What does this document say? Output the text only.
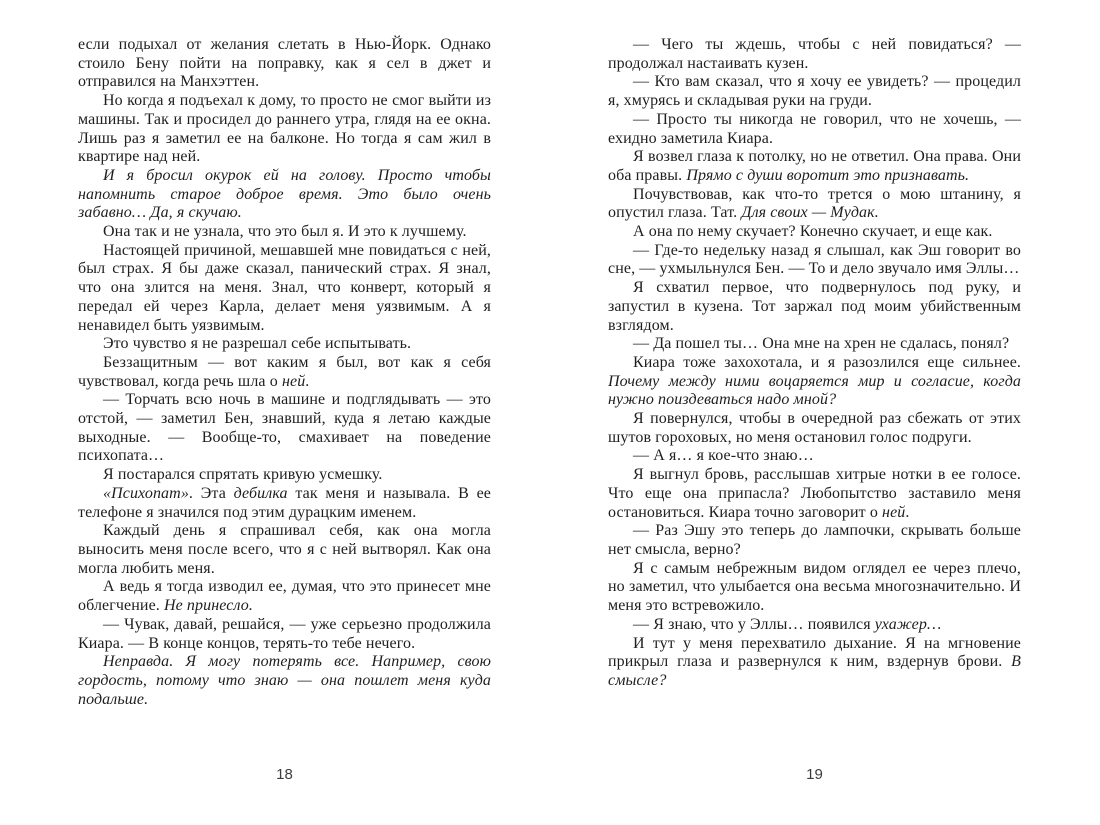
если подыхал от желания слетать в Нью-Йорк. Однако стоило Бену пойти на поправку, как я сел в джет и отправился на Манхэттен.

Но когда я подъехал к дому, то просто не смог выйти из машины. Так и просидел до раннего утра, глядя на ее окна. Лишь раз я заметил ее на балконе. Но тогда я сам жил в квартире над ней.

И я бросил окурок ей на голову. Просто чтобы напомнить старое доброе время. Это было очень забавно… Да, я скучаю.

Она так и не узнала, что это был я. И это к лучшему.

Настоящей причиной, мешавшей мне повидаться с ней, был страх. Я бы даже сказал, панический страх. Я знал, что она злится на меня. Знал, что конверт, который я передал ей через Карла, делает меня уязвимым. А я ненавидел быть уязвимым.

Это чувство я не разрешал себе испытывать.

Беззащитным — вот каким я был, вот как я себя чувствовал, когда речь шла о ней.

— Торчать всю ночь в машине и подглядывать — это отстой, — заметил Бен, знавший, куда я летаю каждые выходные. — Вообще-то, смахивает на поведение психопата…

Я постарался спрятать кривую усмешку.

«Психопат». Эта дебилка так меня и называла. В ее телефоне я значился под этим дурацким именем.

Каждый день я спрашивал себя, как она могла выносить меня после всего, что я с ней вытворял. Как она могла любить меня.

А ведь я тогда изводил ее, думая, что это принесет мне облегчение. Не принесло.

— Чувак, давай, решайся, — уже серьезно продолжила Киара. — В конце концов, терять-то тебе нечего.

Неправда. Я могу потерять все. Например, свою гордость, потому что знаю — она пошлет меня куда подальше.

18

— Чего ты ждешь, чтобы с ней повидаться? — продолжал настаивать кузен.

— Кто вам сказал, что я хочу ее увидеть? — процедил я, хмурясь и складывая руки на груди.

— Просто ты никогда не говорил, что не хочешь, — ехидно заметила Киара.

Я возвел глаза к потолку, но не ответил. Она права. Они оба правы. Прямо с души воротит это признавать.

Почувствовав, как что-то трется о мою штанину, я опустил глаза. Тат. Для своих — Мудак.

А она по нему скучает? Конечно скучает, и еще как.

— Где-то недельку назад я слышал, как Эш говорит во сне, — ухмыльнулся Бен. — То и дело звучало имя Эллы…

Я схватил первое, что подвернулось под руку, и запустил в кузена. Тот заржал под моим убийственным взглядом.

— Да пошел ты… Она мне на хрен не сдалась, понял?

Киара тоже захохотала, и я разозлился еще сильнее. Почему между ними воцаряется мир и согласие, когда нужно поиздеваться надо мной?

Я повернулся, чтобы в очередной раз сбежать от этих шутов гороховых, но меня остановил голос подруги.

— А я… я кое-что знаю…

Я выгнул бровь, расслышав хитрые нотки в ее голосе. Что еще она припасла? Любопытство заставило меня остановиться. Киара точно заговорит о ней.

— Раз Эшу это теперь до лампочки, скрывать больше нет смысла, верно?

Я с самым небрежным видом оглядел ее через плечо, но заметил, что улыбается она весьма многозначительно. И меня это встревожило.

— Я знаю, что у Эллы… появился ухажер…

И тут у меня перехватило дыхание. Я на мгновение прикрыл глаза и развернулся к ним, вздернув брови. В смысле?

19
